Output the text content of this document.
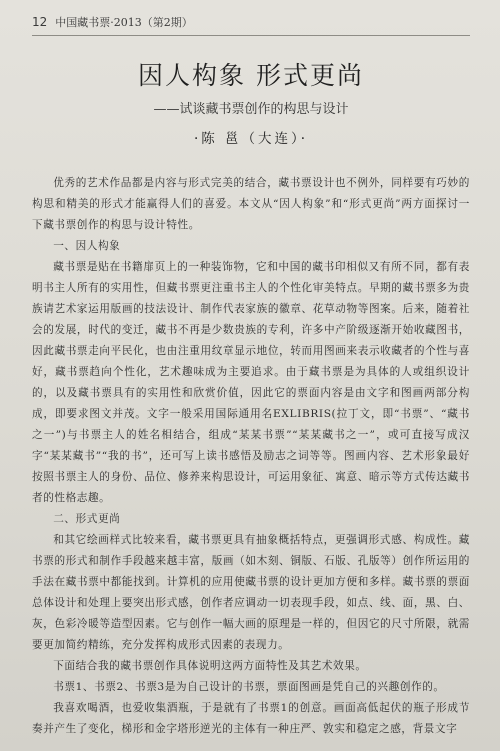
12 中国藏书票·2013（第2期）
因人构象 形式更尚
——试谈藏书票创作的构思与设计
·陈 邕（大连）·

优秀的艺术作品都是内容与形式完美的结合，藏书票设计也不例外，同样要有巧妙的构思和精美的形式才能赢得人们的喜爱。本文从“因人构象”和“形式更尚”两方面探讨一下藏书票创作的构思与设计特性。

一、因人构象

藏书票是贴在书籍扉页上的一种装饰物，它和中国的藏书印相似又有所不同，都有表明书主人所有的实用性，但藏书票更注重书主人的个性化审美特点。早期的藏书票多为贵族请艺术家运用版画的技法设计、制作代表家族的徽章、花草动物等图案。后来，随着社会的发展，时代的变迁，藏书不再是少数贵族的专利，许多中产阶级逐渐开始收藏图书，因此藏书票走向平民化，也由注重用纹章显示地位，转而用图画来表示收藏者的个性与喜好，藏书票趋向个性化，艺术趣味成为主要追求。由于藏书票是为具体的人或组织设计的，以及藏书票具有的实用性和欣赏价值，因此它的票面内容是由文字和图画两部分构成，即要求图文并茂。文字一般采用国际通用名EXLIBRIS(拉丁文，即“书票”、“藏书之一”)与书票主人的姓名相结合，组成“某某书票”“某某藏书之一”，或可直接写成汉字“某某藏书”“我的书”，还可写上读书感悟及励志之词等等。图画内容、艺术形象最好按照书票主人的身份、品位、修养来构思设计，可运用象征、寓意、暗示等方式传达藏书者的性格志趣。

二、形式更尚

和其它绘画样式比较来看，藏书票更具有抽象概括特点，更强调形式感、构成性。藏书票的形式和制作手段越来越丰富，版画（如木刻、铜版、石版、孔版等）创作所运用的手法在藏书票中都能找到。计算机的应用使藏书票的设计更加方便和多样。藏书票的票面总体设计和处理上要突出形式感，创作者应调动一切表现手段，如点、线、面，黑、白、灰，色彩冷暖等造型因素。它与创作一幅大画的原理是一样的，但因它的尺寸所限，就需要更加简约精练，充分发挥构成形式因素的表现力。

下面结合我的藏书票创作具体说明这两方面特性及其艺术效果。

书票1、书票2、书票3是为自己设计的书票，票面图画是凭自己的兴趣创作的。

我喜欢喝酒，也爱收集酒瓶，于是就有了书票1的创意。画面高低起伏的瓶子形成节奏并产生了变化，梯形和金字塔形逆光的主体有一种庄严、敦实和稳定之感，背景文字
